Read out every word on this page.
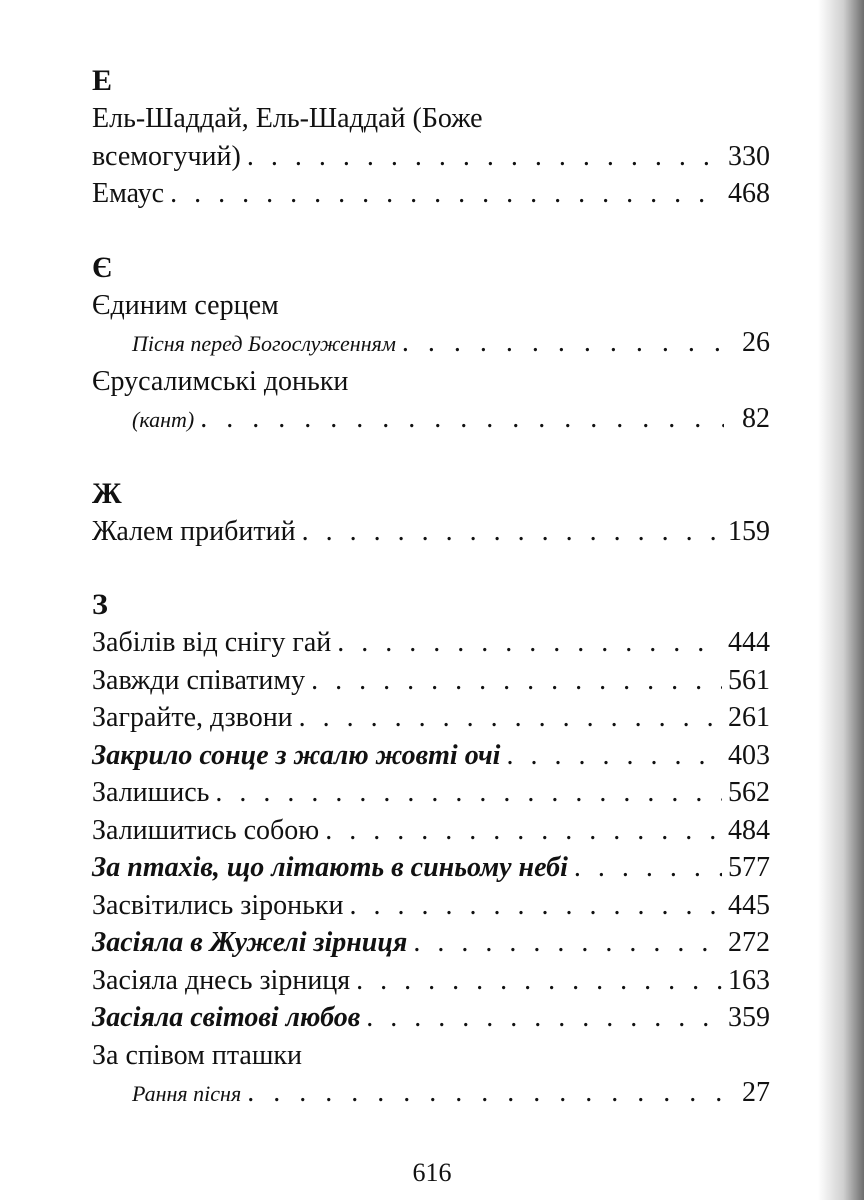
Е
Ель-Шаддай, Ель-Шаддай (Боже
всемогучий) . . .	330
Емаус . . .	468
Є
Єдиним серцем
Пісня перед Богослуженням . . .	26
Єрусалимські доньки
(кант) . . .	82
Ж
Жалем прибитий . . .	159
З
Забілів від снігу гай . . .	444
Завжди співатиму . . .	561
Заграйте, дзвони . . .	261
Закрило сонце з жалю жовті очі . . .	403
Залишись . . .	562
Залишитись собою . . .	484
За птахів, що літають в синьому небі . . .	577
Засвітились зіроньки . . .	445
Засіяла в Жужелі зірниця . . .	272
Засіяла днесь зірниця . . .	163
Засіяла світові любов . . .	359
За співом пташки
Рання пісня . . .	27
616
